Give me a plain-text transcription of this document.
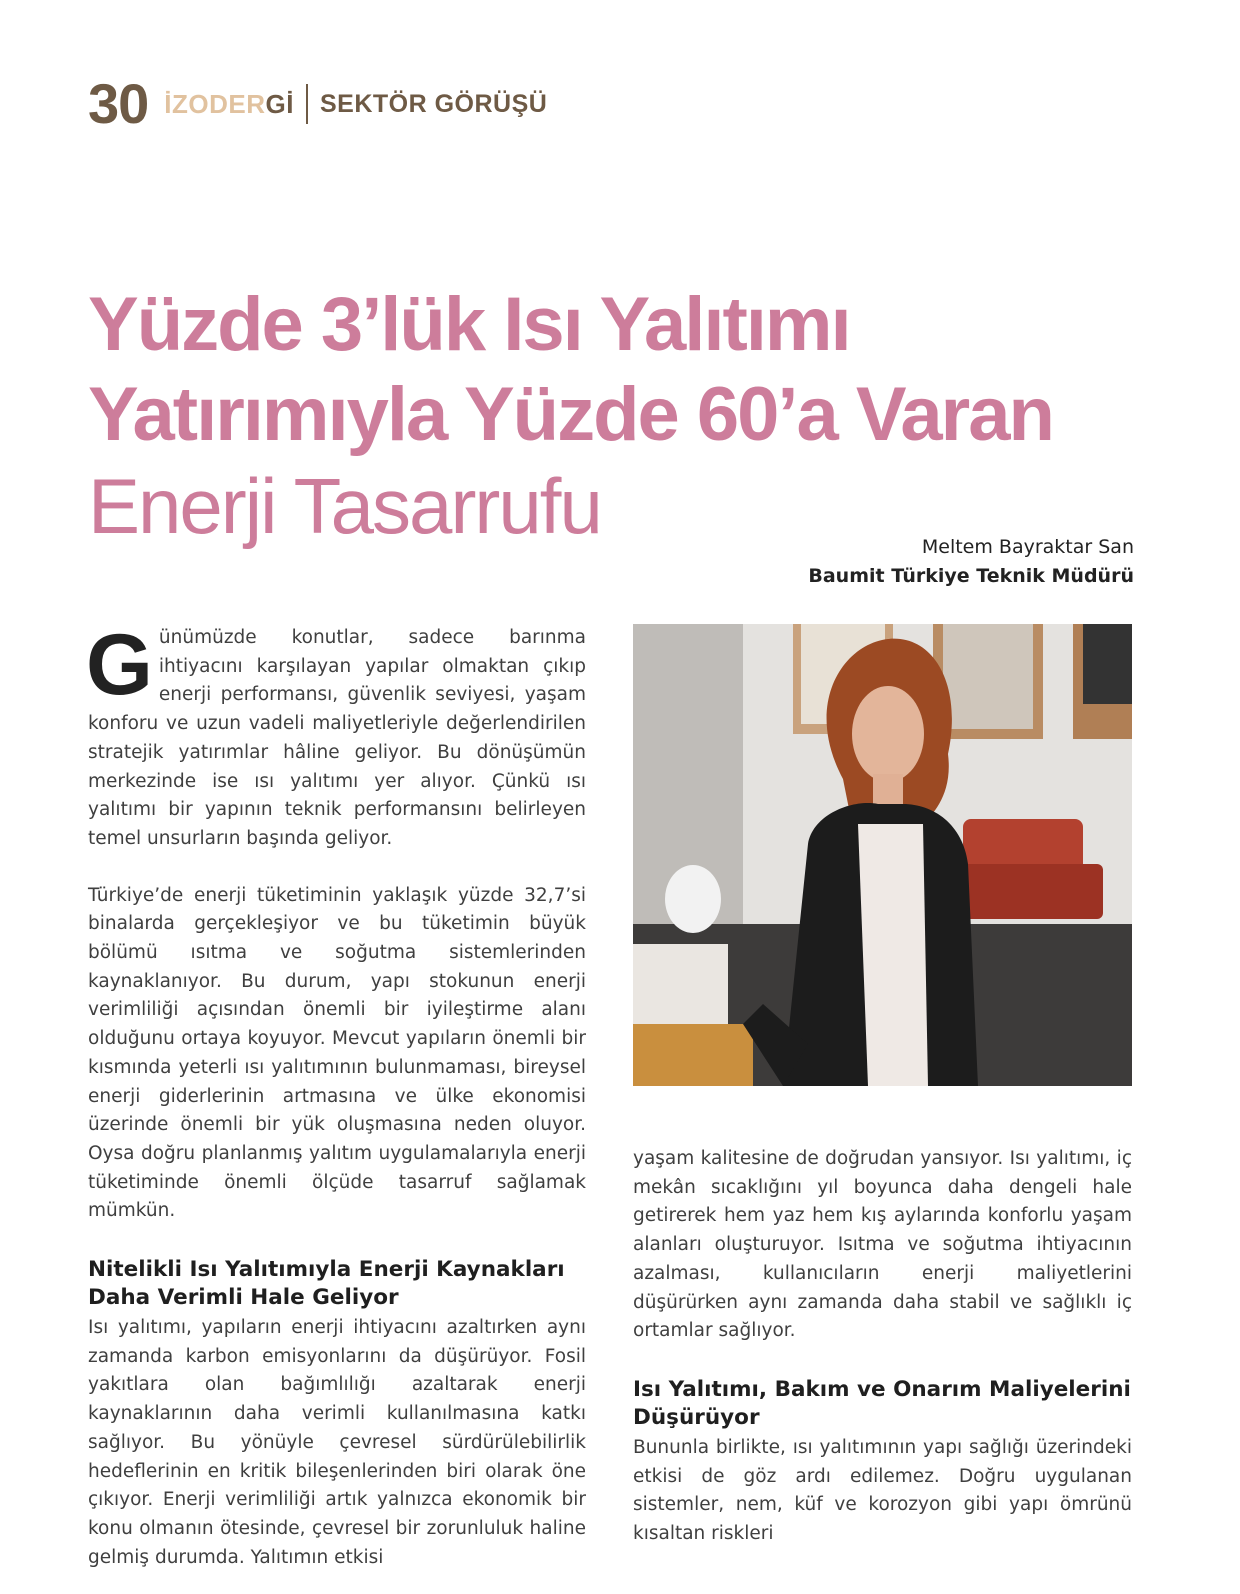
30 İZODERGİ SEKTÖR GÖRÜŞÜ
Yüzde 3’lük Isı Yalıtımı
Yatırımıyla Yüzde 60’a Varan
Enerji Tasarrufu	Meltem Bayraktar San
Baumit Türkiye Teknik Müdürü

Günümüzde konutlar, sadece barınma ihtiyacını karşılayan yapılar olmaktan çıkıp enerji performansı, güvenlik seviyesi, yaşam konforu ve uzun vadeli maliyetleriyle değerlendirilen stratejik yatırımlar hâline geliyor. Bu dönüşümün merkezinde ise ısı yalıtımı yer alıyor. Çünkü ısı yalıtımı bir yapının teknik performansını belirleyen temel unsurların başında geliyor.

Türkiye’de enerji tüketiminin yaklaşık yüzde 32,7’si binalarda gerçekleşiyor ve bu tüketimin büyük bölümü ısıtma ve soğutma sistemlerinden kaynaklanıyor. Bu durum, yapı stokunun enerji verimliliği açısından önemli bir iyileştirme alanı olduğunu ortaya koyuyor. Mevcut yapıların önemli bir kısmında yeterli ısı yalıtımının bulunmaması, bireysel enerji giderlerinin artmasına ve ülke ekonomisi üzerinde önemli bir yük oluşmasına neden oluyor. Oysa doğru planlanmış yalıtım uygulamalarıyla enerji tüketiminde önemli ölçüde tasarruf sağlamak mümkün.

Nitelikli Isı Yalıtımıyla Enerji Kaynakları Daha Verimli Hale Geliyor

Isı yalıtımı, yapıların enerji ihtiyacını azaltırken aynı zamanda karbon emisyonlarını da düşürüyor. Fosil yakıtlara olan bağımlılığı azaltarak enerji kaynaklarının daha verimli kullanılmasına katkı sağlıyor. Bu yönüyle çevresel sürdürülebilirlik hedeflerinin en kritik bileşenlerinden biri olarak öne çıkıyor. Enerji verimliliği artık yalnızca ekonomik bir konu olmanın ötesinde, çevresel bir zorunluluk haline gelmiş durumda. Yalıtımın etkisi

yaşam kalitesine de doğrudan yansıyor. Isı yalıtımı, iç mekân sıcaklığını yıl boyunca daha dengeli hale getirerek hem yaz hem kış aylarında konforlu yaşam alanları oluşturuyor. Isıtma ve soğutma ihtiyacının azalması, kullanıcıların enerji maliyetlerini düşürürken aynı zamanda daha stabil ve sağlıklı iç ortamlar sağlıyor.

Isı Yalıtımı, Bakım ve Onarım Maliyelerini Düşürüyor

Bununla birlikte, ısı yalıtımının yapı sağlığı üzerindeki etkisi de göz ardı edilemez. Doğru uygulanan sistemler, nem, küf ve korozyon gibi yapı ömrünü kısaltan riskleri
